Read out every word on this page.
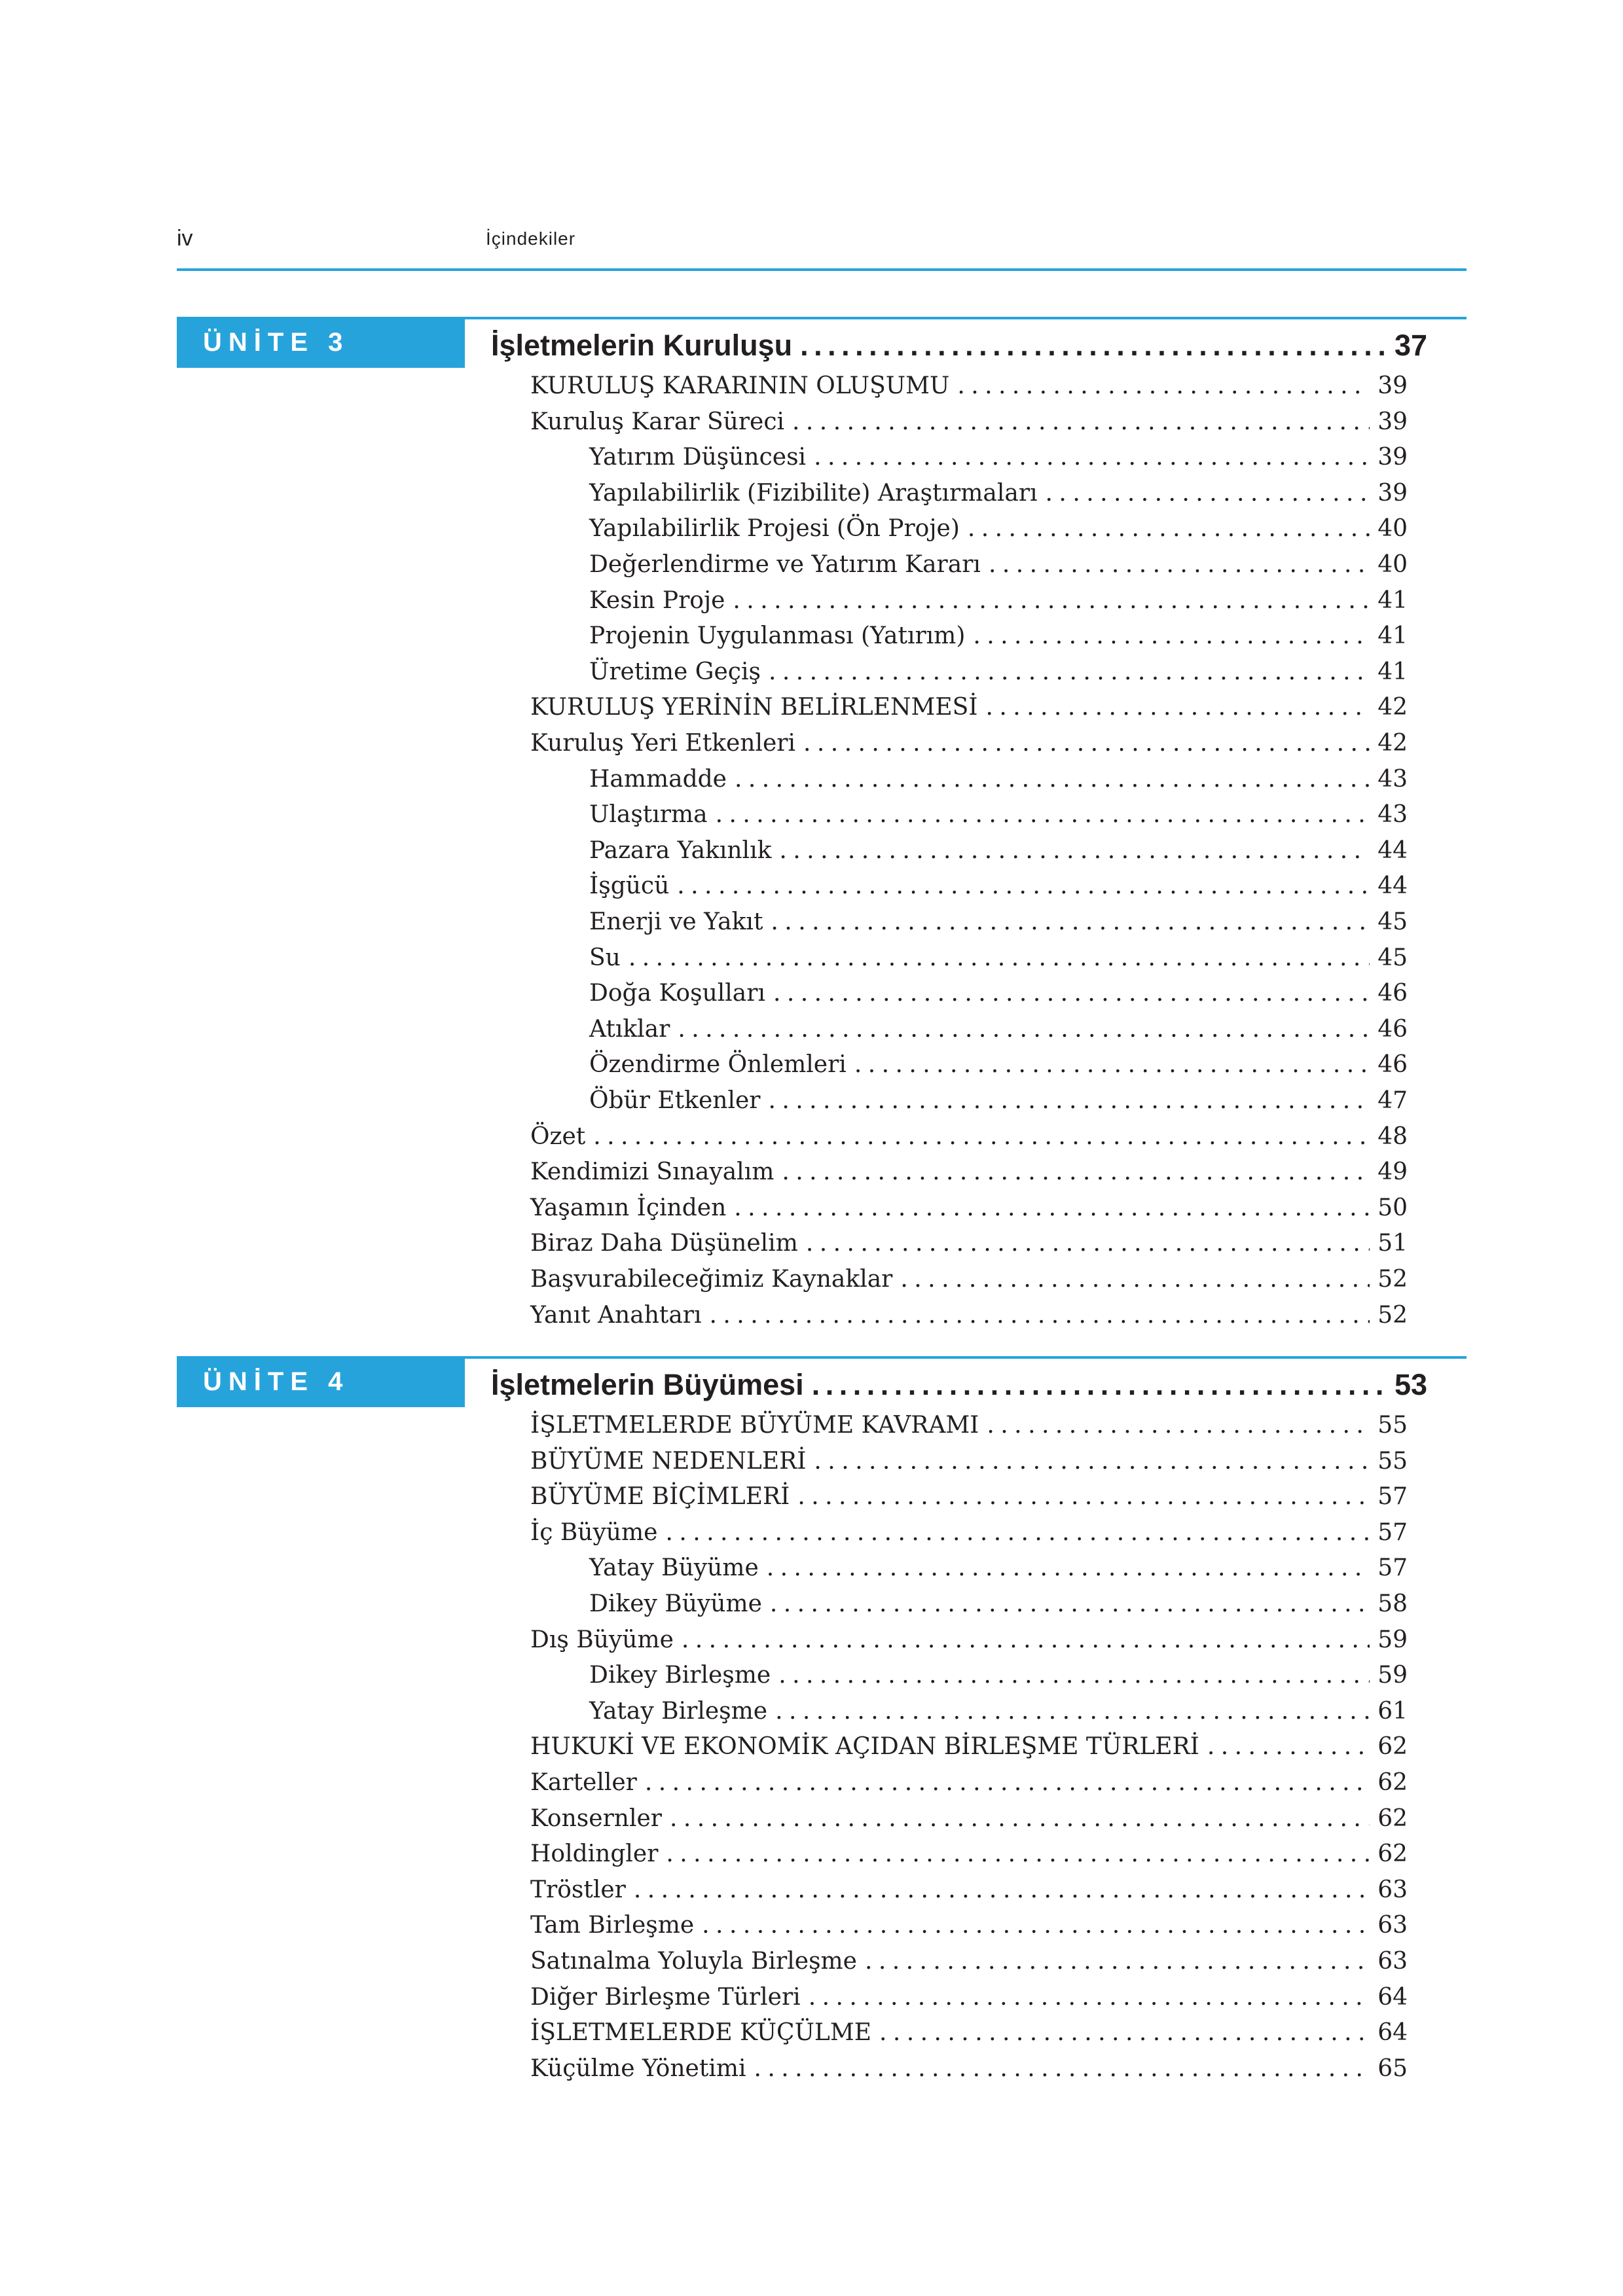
iv	İçindekiler
ÜNİTE 3	İşletmelerin Kuruluşu . . .	37
KURULUŞ KARARININ OLUŞUMU . . .	39
Kuruluş Karar Süreci . . .	39
Yatırım Düşüncesi . . .	39
Yapılabilirlik (Fizibilite) Araştırmaları . . .	39
Yapılabilirlik Projesi (Ön Proje) . . .	40
Değerlendirme ve Yatırım Kararı . . .	40
Kesin Proje . . .	41
Projenin Uygulanması (Yatırım) . . .	41
Üretime Geçiş . . .	41
KURULUŞ YERİNİN BELİRLENMESİ . . .	42
Kuruluş Yeri Etkenleri . . .	42
Hammadde . . .	43
Ulaştırma . . .	43
Pazara Yakınlık . . .	44
İşgücü . . .	44
Enerji ve Yakıt . . .	45
Su . . .	45
Doğa Koşulları . . .	46
Atıklar . . .	46
Özendirme Önlemleri . . .	46
Öbür Etkenler . . .	47
Özet . . .	48
Kendimizi Sınayalım . . .	49
Yaşamın İçinden . . .	50
Biraz Daha Düşünelim . . .	51
Başvurabileceğimiz Kaynaklar . . .	52
Yanıt Anahtarı . . .	52
ÜNİTE 4	İşletmelerin Büyümesi . . .	53
İŞLETMELERDE BÜYÜME KAVRAMI . . .	55
BÜYÜME NEDENLERİ . . .	55
BÜYÜME BİÇİMLERİ . . .	57
İç Büyüme . . .	57
Yatay Büyüme . . .	57
Dikey Büyüme . . .	58
Dış Büyüme . . .	59
Dikey Birleşme . . .	59
Yatay Birleşme . . .	61
HUKUKİ VE EKONOMİK AÇIDAN BİRLEŞME TÜRLERİ . . .	62
Karteller . . .	62
Konsernler . . .	62
Holdingler . . .	62
Tröstler . . .	63
Tam Birleşme . . .	63
Satınalma Yoluyla Birleşme . . .	63
Diğer Birleşme Türleri . . .	64
İŞLETMELERDE KÜÇÜLME . . .	64
Küçülme Yönetimi . . .	65
